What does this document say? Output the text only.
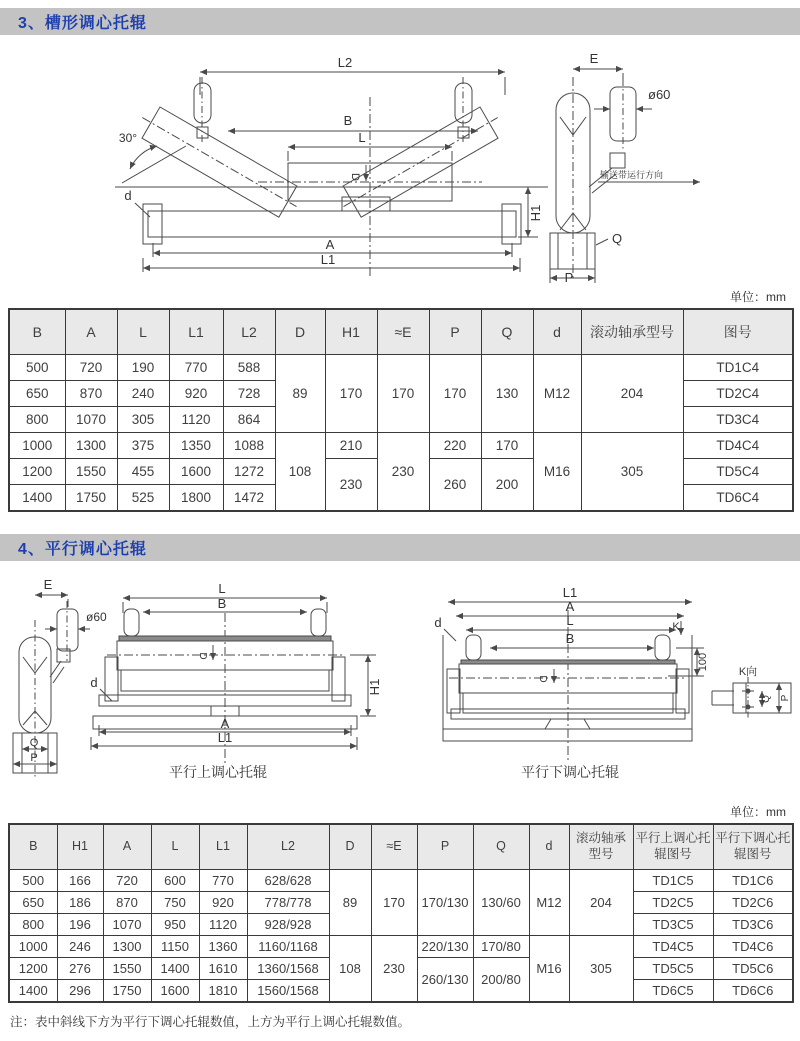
3、槽形调心托辊
L2
B
L
30°
D
d
H1
A
L1
E
ø60
输送带运行方向
Q
P
单位：mm
B	A	L	L1	L2	D	H1	≈E	P	Q	d	滚动轴承型号	图号
500	720	190	770	588	89	170	170	170	130	M12	204	TD1C4
650	870	240	920	728								TD2C4
800	1070	305	1120	864								TD3C4
1000	1300	375	1350	1088	108	210	230	220	170	M16	305	TD4C4
1200	1550	455	1600	1272		230		260	200			TD5C4
1400	1750	525	1800	1472								TD6C4
4、平行调心托辊
E
ø60
Q
P
L
B
D
d	H1
A
L1
平行上调心托辊
L1
A
L
d
B
K
100
D
平行下调心托辊
K向
Q P
单位：mm
B	H1	A	L	L1	L2	D	≈E	P	Q	d	滚动轴承型号	平行上调心托辊图号	平行下调心托辊图号
500	166	720	600	770	628/628	89	170	170/130	130/60	M12	204	TD1C5	TD1C6
650	186	870	750	920	778/778							TD2C5	TD2C6
800	196	1070	950	1120	928/928							TD3C5	TD3C6
1000	246	1300	1150	1360	1160/1168	108	230	220/130	170/80	M16	305	TD4C5	TD4C6
1200	276	1550	1400	1610	1360/1568			260/130	200/80			TD5C5	TD5C6
1400	296	1750	1600	1810	1560/1568							TD6C5	TD6C6
注：表中斜线下方为平行下调心托辊数值，上方为平行上调心托辊数值。
